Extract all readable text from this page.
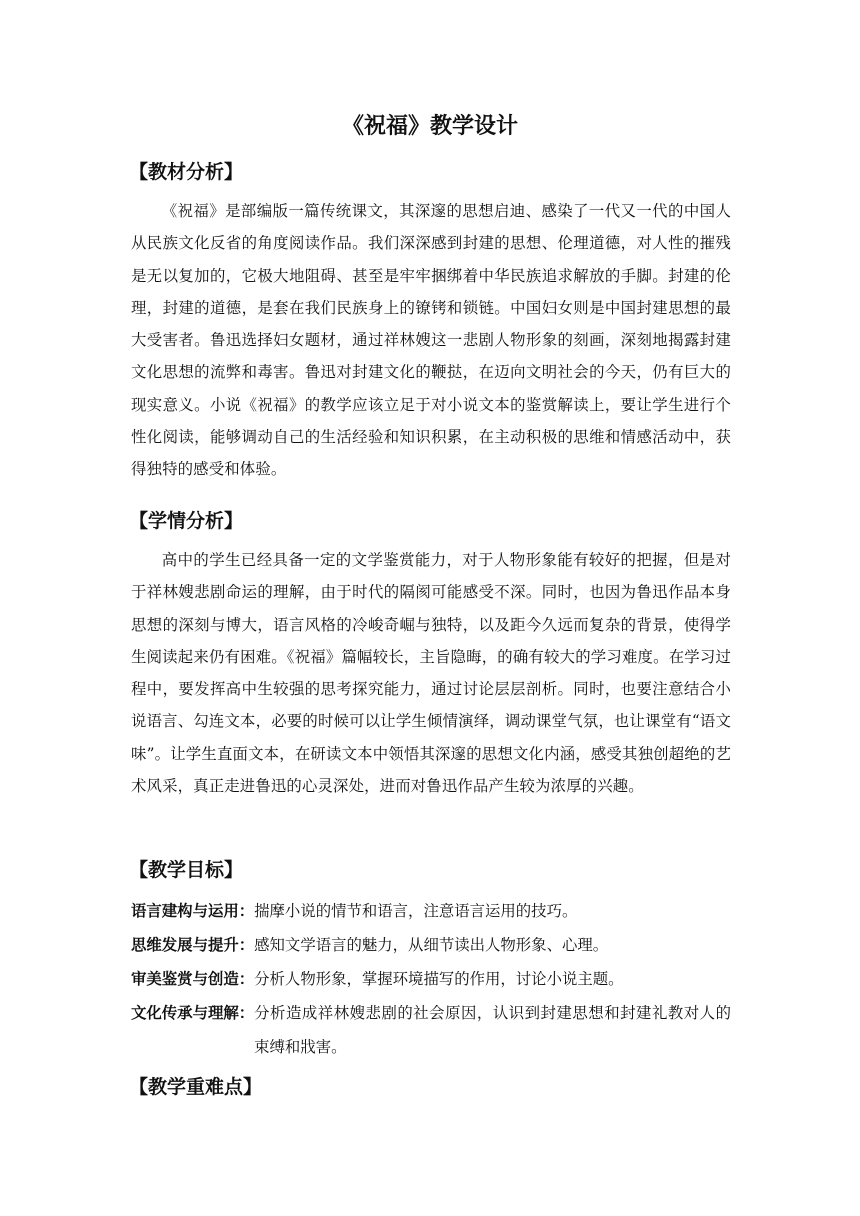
《祝福》教学设计
【教材分析】

《祝福》是部编版一篇传统课文，其深邃的思想启迪、感染了一代又一代的中国人从民族文化反省的角度阅读作品。我们深深感到封建的思想、伦理道德，对人性的摧残是无以复加的，它极大地阻碍、甚至是牢牢捆绑着中华民族追求解放的手脚。封建的伦理，封建的道德，是套在我们民族身上的镣铐和锁链。中国妇女则是中国封建思想的最大受害者。鲁迅选择妇女题材，通过祥林嫂这一悲剧人物形象的刻画，深刻地揭露封建文化思想的流弊和毒害。鲁迅对封建文化的鞭挞，在迈向文明社会的今天，仍有巨大的现实意义。小说《祝福》的教学应该立足于对小说文本的鉴赏解读上，要让学生进行个性化阅读，能够调动自己的生活经验和知识积累，在主动积极的思维和情感活动中，获得独特的感受和体验。

【学情分析】

高中的学生已经具备一定的文学鉴赏能力，对于人物形象能有较好的把握，但是对于祥林嫂悲剧命运的理解，由于时代的隔阂可能感受不深。同时，也因为鲁迅作品本身思想的深刻与博大，语言风格的冷峻奇崛与独特，以及距今久远而复杂的背景，使得学生阅读起来仍有困难。《祝福》篇幅较长，主旨隐晦，的确有较大的学习难度。在学习过程中，要发挥高中生较强的思考探究能力，通过讨论层层剖析。同时，也要注意结合小说语言、勾连文本，必要的时候可以让学生倾情演绎，调动课堂气氛，也让课堂有“语文味”。让学生直面文本，在研读文本中领悟其深邃的思想文化内涵，感受其独创超绝的艺术风采，真正走进鲁迅的心灵深处，进而对鲁迅作品产生较为浓厚的兴趣。

【教学目标】
语言建构与运用： 揣摩小说的情节和语言，注意语言运用的技巧。
思维发展与提升： 感知文学语言的魅力，从细节读出人物形象、心理。
审美鉴赏与创造： 分析人物形象，掌握环境描写的作用，讨论小说主题。
文化传承与理解： 分析造成祥林嫂悲剧的社会原因，认识到封建思想和封建礼教对人的束缚和戕害。
【教学重难点】
